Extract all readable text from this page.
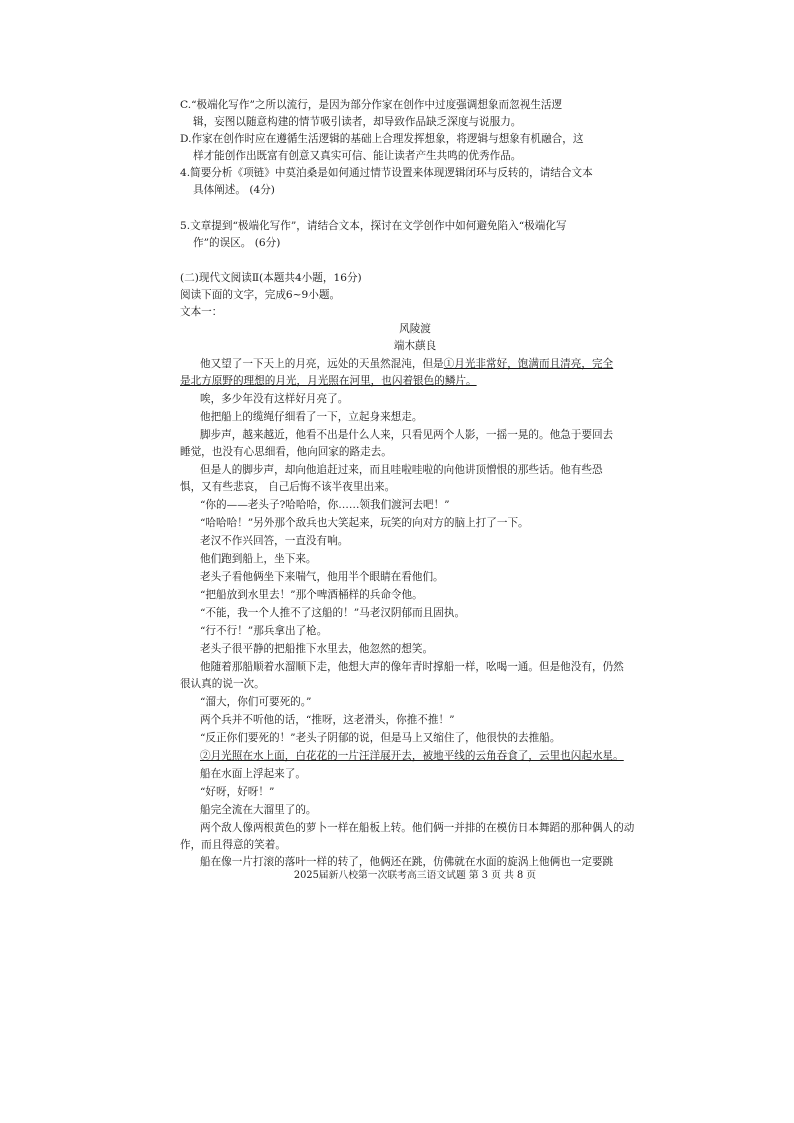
C.“极端化写作”之所以流行，是因为部分作家在创作中过度强调想象而忽视生活逻
辑，妄图以随意构建的情节吸引读者，却导致作品缺乏深度与说服力。
D.作家在创作时应在遵循生活逻辑的基础上合理发挥想象，将逻辑与想象有机融合，这
样才能创作出既富有创意又真实可信、能让读者产生共鸣的优秀作品。
4.简要分析《项链》中莫泊桑是如何通过情节设置来体现逻辑闭环与反转的，请结合文本
具体阐述。 (4分)
5.文章提到“极端化写作”，请结合文本，探讨在文学创作中如何避免陷入“极端化写
作”的误区。 (6分)
(二)现代文阅读Ⅱ(本题共4小题，16分)
阅读下面的文字，完成6~9小题。
文本一：
风陵渡
端木蕻良
他又望了一下天上的月亮，远处的天虽然混沌，但是①月光非常好，饱满而且清亮，完全
是北方原野的理想的月光，月光照在河里，也闪着银色的鳞片。
唉，多少年没有这样好月亮了。
他把船上的缆绳仔细看了一下，立起身来想走。
脚步声，越来越近，他看不出是什么人来，只看见两个人影，一摇一晃的。他急于要回去
睡觉，也没有心思细看，他向回家的路走去。
但是人的脚步声，却向他追赶过来，而且哇啦哇啦的向他讲顶憎恨的那些话。他有些恐
惧，又有些悲哀， 自己后悔不该半夜里出来。
“你的——老头子?哈哈哈，你……领我们渡河去吧！”
“哈哈哈！”另外那个敌兵也大笑起来，玩笑的向对方的脑上打了一下。
老汉不作兴回答，一直没有响。
他们跑到船上，坐下来。
老头子看他俩坐下来喘气，他用半个眼睛在看他们。
“把船放到水里去！”那个啤酒桶样的兵命令他。
“不能，我一个人推不了这船的！”马老汉阴郁而且固执。
“行不行！”那兵拿出了枪。
老头子很平静的把船推下水里去，他忽然的想笑。
他随着那船顺着水溜顺下走，他想大声的像年青时撑船一样，吆喝一通。但是他没有，仍然
很认真的说一次。
“溜大，你们可要死的。”
两个兵并不听他的话，“推呀，这老滑头，你推不推！”
“反正你们要死的！”老头子阴郁的说，但是马上又缩住了，他很快的去推船。
②月光照在水上面，白花花的一片汪洋展开去，被地平线的云角吞食了，云里也闪起水星。
船在水面上浮起来了。
“好呀，好呀！”
船完全流在大溜里了的。
两个敌人像两根黄色的萝卜一样在船板上转。他们俩一并排的在模仿日本舞蹈的那种偶人的动
作，而且得意的笑着。
船在像一片打滚的落叶一样的转了，他俩还在跳，仿佛就在水面的旋涡上他俩也一定要跳
2025届新八校第一次联考高三语文试题 第 3 页 共 8 页
